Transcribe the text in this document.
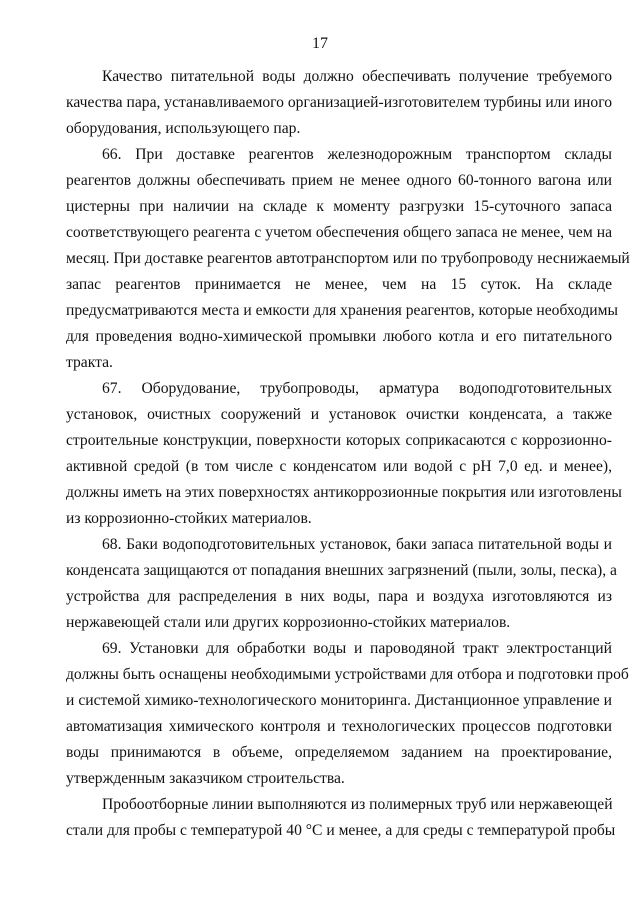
17
Качество питательной воды должно обеспечивать получение требуемого
качества пара, устанавливаемого организацией-изготовителем турбины или иного
оборудования, использующего пар.
66. При доставке реагентов железнодорожным транспортом склады
реагентов должны обеспечивать прием не менее одного 60-тонного вагона или
цистерны при наличии на складе к моменту разгрузки 15-суточного запаса
соответствующего реагента с учетом обеспечения общего запаса не менее, чем на
месяц. При доставке реагентов автотранспортом или по трубопроводу неснижаемый
запас реагентов принимается не менее, чем на 15 суток. На складе
предусматриваются места и емкости для хранения реагентов, которые необходимы
для проведения водно-химической промывки любого котла и его питательного
тракта.
67. Оборудование, трубопроводы, арматура водоподготовительных
установок, очистных сооружений и установок очистки конденсата, а также
строительные конструкции, поверхности которых соприкасаются с коррозионно-
активной средой (в том числе с конденсатом или водой с pH 7,0 ед. и менее),
должны иметь на этих поверхностях антикоррозионные покрытия или изготовлены
из коррозионно-стойких материалов.
68. Баки водоподготовительных установок, баки запаса питательной воды и
конденсата защищаются от попадания внешних загрязнений (пыли, золы, песка), а
устройства для распределения в них воды, пара и воздуха изготовляются из
нержавеющей стали или других коррозионно-стойких материалов.
69. Установки для обработки воды и пароводяной тракт электростанций
должны быть оснащены необходимыми устройствами для отбора и подготовки проб
и системой химико-технологического мониторинга. Дистанционное управление и
автоматизация химического контроля и технологических процессов подготовки
воды принимаются в объеме, определяемом заданием на проектирование,
утвержденным заказчиком строительства.
Пробоотборные линии выполняются из полимерных труб или нержавеющей
стали для пробы с температурой 40 °С и менее, а для среды с температурой пробы
